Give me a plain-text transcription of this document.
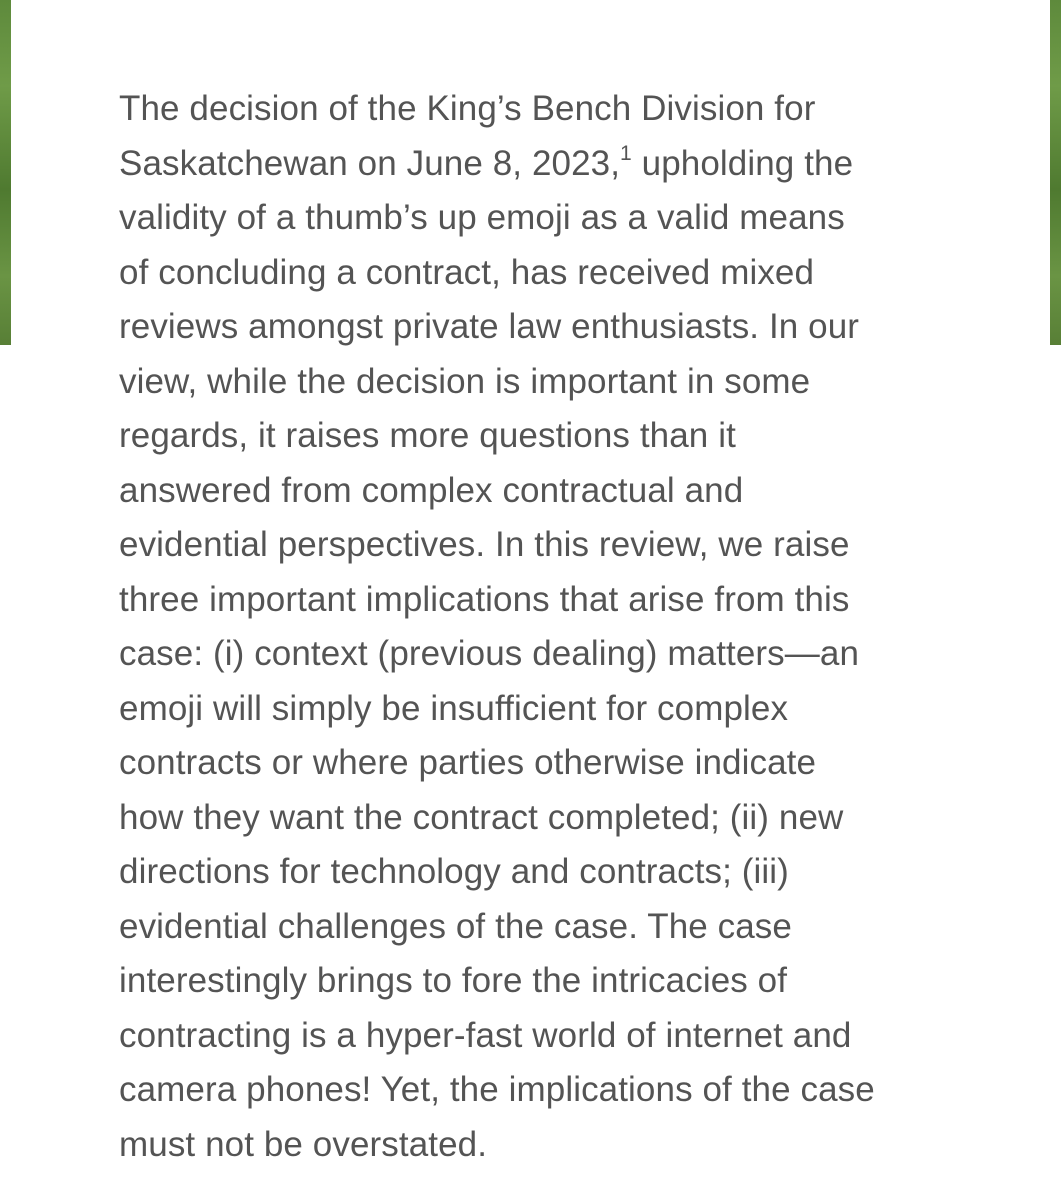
The decision of the King’s Bench Division for
Saskatchewan on June 8, 2023,$^1$ upholding the
validity of a thumb’s up emoji as a valid means
of concluding a contract, has received mixed
reviews amongst private law enthusiasts. In our
view, while the decision is important in some
regards, it raises more questions than it
answered from complex contractual and
evidential perspectives. In this review, we raise
three important implications that arise from this
case: (i) context (previous dealing) matters—an
emoji will simply be insufficient for complex
contracts or where parties otherwise indicate
how they want the contract completed; (ii) new
directions for technology and contracts; (iii)
evidential challenges of the case. The case
interestingly brings to fore the intricacies of
contracting is a hyper-fast world of internet and
camera phones! Yet, the implications of the case
must not be overstated.
